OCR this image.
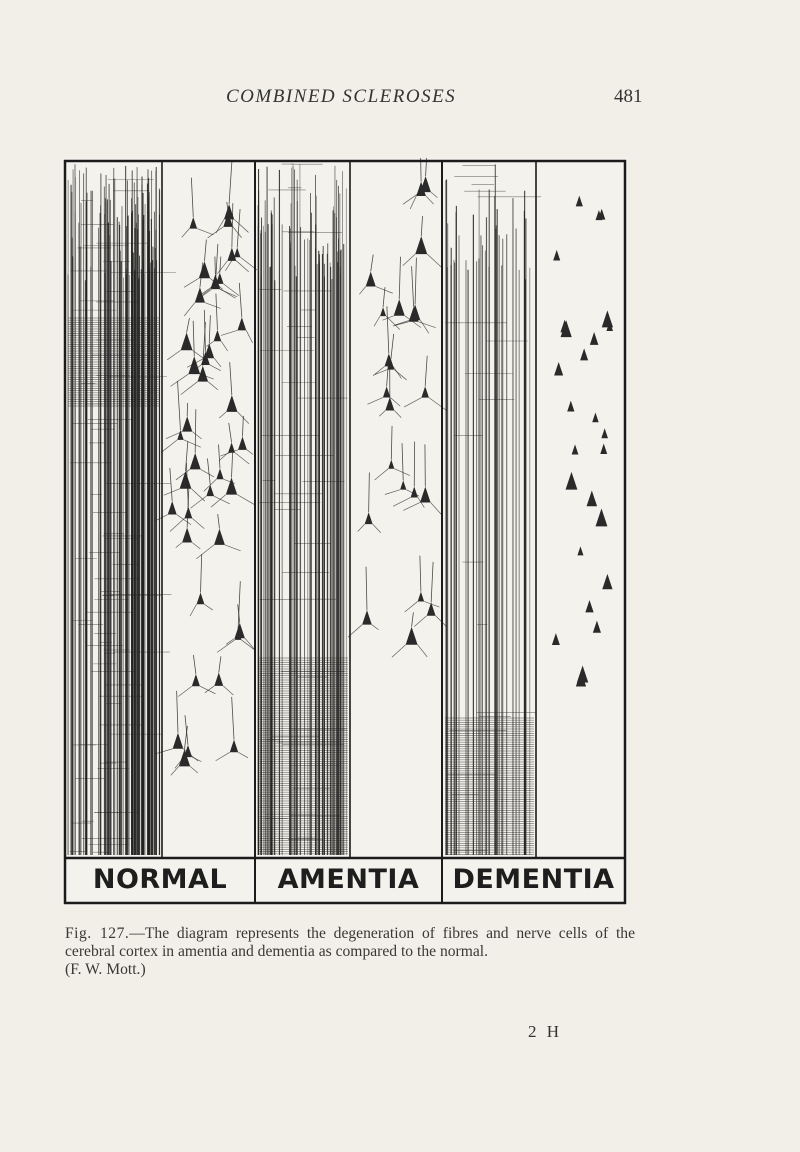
COMBINED SCLEROSES	481
NORMAL	AMENTIA	DEMENTIA
Fig. 127.—The diagram represents the degeneration of fibres and nerve cells of the cerebral cortex in amentia and dementia as compared to the normal.
(F. W. Mott.)
2 H
